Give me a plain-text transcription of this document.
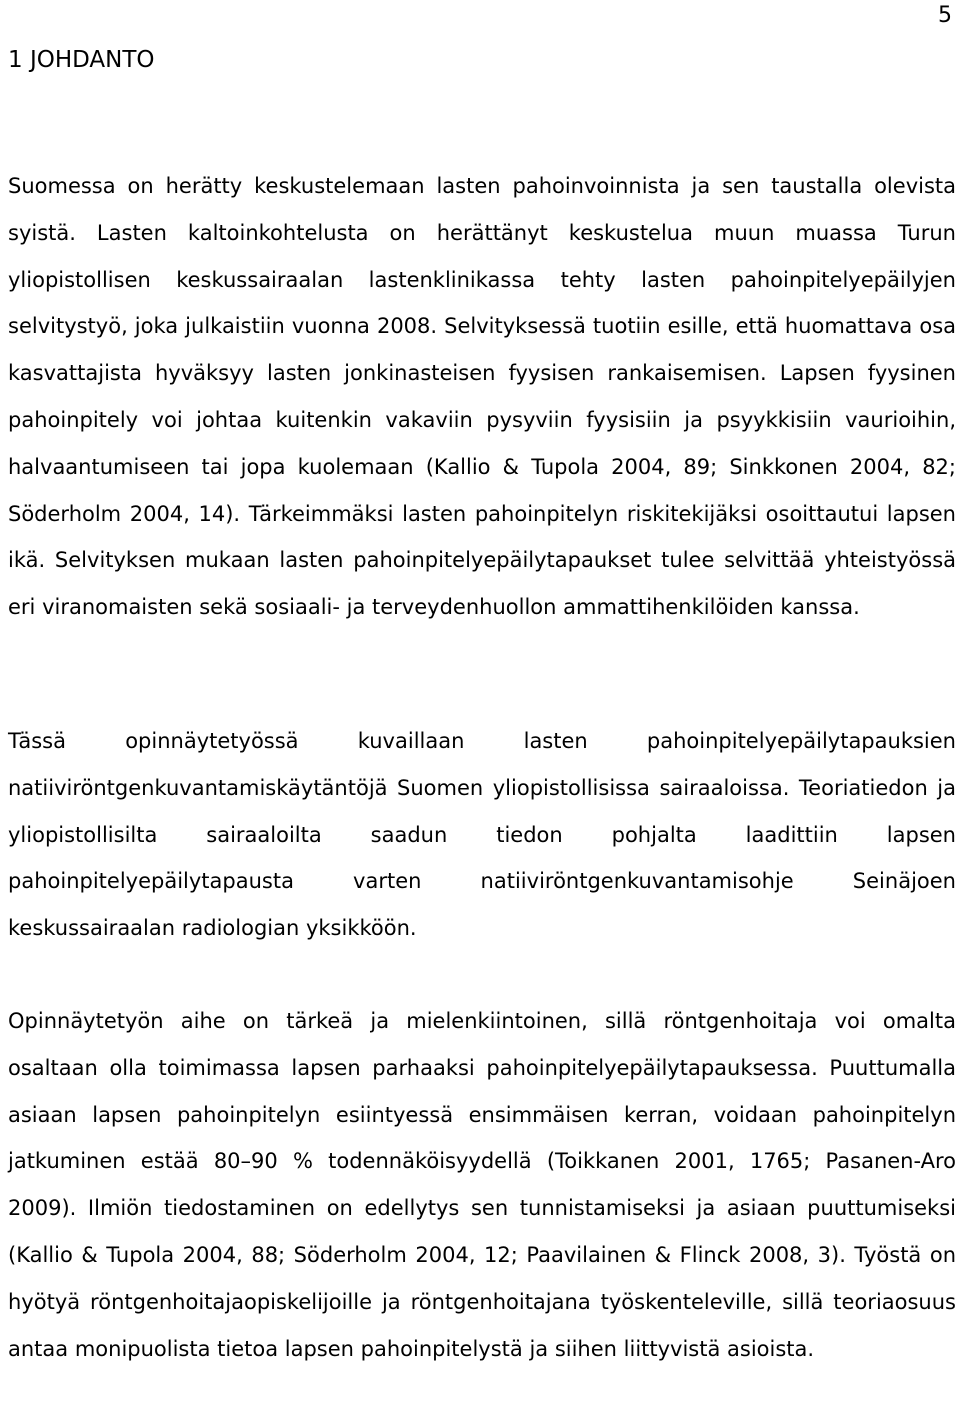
5
1 JOHDANTO

Suomessa on herätty keskustelemaan lasten pahoinvoinnista ja sen taustalla olevista syistä. Lasten kaltoinkohtelusta on herättänyt keskustelua muun muassa Turun yliopistollisen keskussairaalan lastenklinikassa tehty lasten pahoinpitelyepäilyjen selvitystyö, joka julkaistiin vuonna 2008. Selvityksessä tuotiin esille, että huomattava osa kasvattajista hyväksyy lasten jonkinasteisen fyysisen rankaisemisen. Lapsen fyysinen pahoinpitely voi johtaa kuitenkin vakaviin pysyviin fyysisiin ja psyykkisiin vaurioihin, halvaantumiseen tai jopa kuolemaan (Kallio & Tupola 2004, 89; Sinkkonen 2004, 82; Söderholm 2004, 14). Tärkeimmäksi lasten pahoinpitelyn riskitekijäksi osoittautui lapsen ikä. Selvityksen mukaan lasten pahoinpitelyepäilytapaukset tulee selvittää yhteistyössä eri viranomaisten sekä sosiaali- ja terveydenhuollon ammattihenkilöiden kanssa.

Tässä opinnäytetyössä kuvaillaan lasten pahoinpitelyepäilytapauksien natiiviröntgenkuvantamiskäytäntöjä Suomen yliopistollisissa sairaaloissa. Teoriatiedon ja yliopistollisilta sairaaloilta saadun tiedon pohjalta laadittiin lapsen pahoinpitelyepäilytapausta varten natiiviröntgenkuvantamisohje Seinäjoen keskussairaalan radiologian yksikköön.

Opinnäytetyön aihe on tärkeä ja mielenkiintoinen, sillä röntgenhoitaja voi omalta osaltaan olla toimimassa lapsen parhaaksi pahoinpitelyepäilytapauksessa. Puuttumalla asiaan lapsen pahoinpitelyn esiintyessä ensimmäisen kerran, voidaan pahoinpitelyn jatkuminen estää 80–90 % todennäköisyydellä (Toikkanen 2001, 1765; Pasanen-Aro 2009). Ilmiön tiedostaminen on edellytys sen tunnistamiseksi ja asiaan puuttumiseksi (Kallio & Tupola 2004, 88; Söderholm 2004, 12; Paavilainen & Flinck 2008, 3). Työstä on hyötyä röntgenhoitajaopiskelijoille ja röntgenhoitajana työskenteleville, sillä teoriaosuus antaa monipuolista tietoa lapsen pahoinpitelystä ja siihen liittyvistä asioista.
